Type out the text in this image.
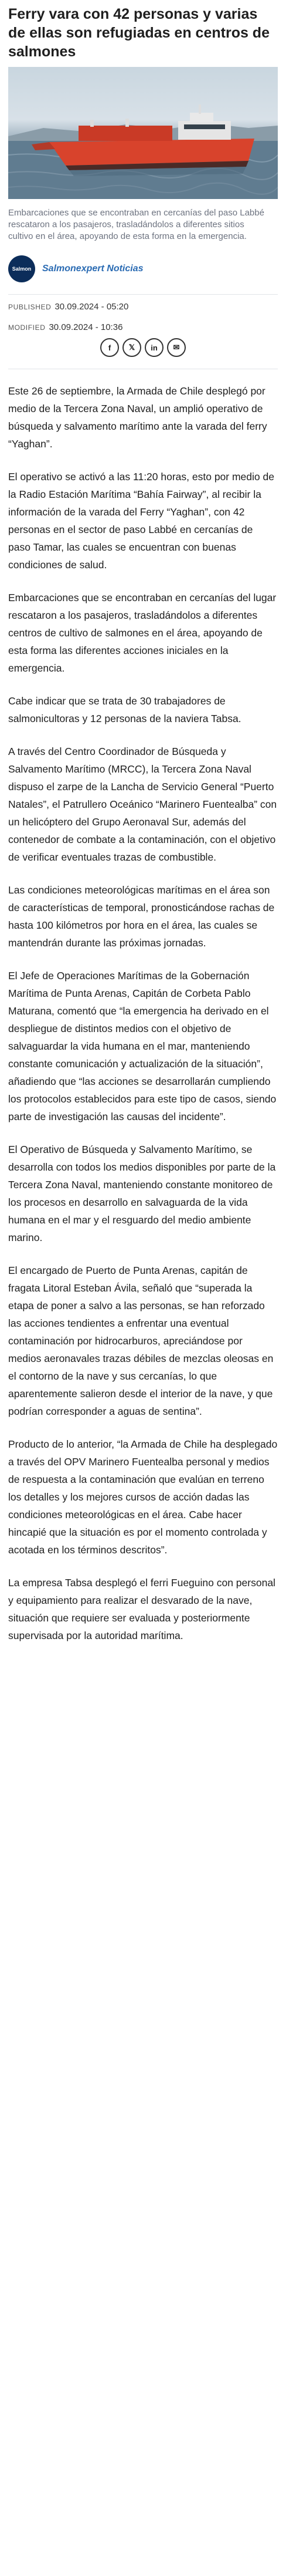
Ferry vara con 42 personas y varias de ellas son refugiadas en centros de salmones

Embarcaciones que se encontraban en cercanías del paso Labbé rescataron a los pasajeros, trasladándolos a diferentes sitios cultivo en el área, apoyando de esta forma en la emergencia.

Salmon	Salmonexpert Noticias
PUBLISHED 30.09.2024 - 05:20
MODIFIED 30.09.2024 - 10:36
f	𝕏	in	✉

Este 26 de septiembre, la Armada de Chile desplegó por medio de la Tercera Zona Naval, un amplió operativo de búsqueda y salvamento marítimo ante la varada del ferry “Yaghan”.

El operativo se activó a las 11:20 horas, esto por medio de la Radio Estación Marítima “Bahía Fairway”, al recibir la información de la varada del Ferry “Yaghan”, con 42 personas en el sector de paso Labbé en cercanías de paso Tamar, las cuales se encuentran con buenas condiciones de salud.

Embarcaciones que se encontraban en cercanías del lugar rescataron a los pasajeros, trasladándolos a diferentes centros de cultivo de salmones en el área, apoyando de esta forma las diferentes acciones iniciales en la emergencia.

Cabe indicar que se trata de 30 trabajadores de salmonicultoras y 12 personas de la naviera Tabsa.

A través del Centro Coordinador de Búsqueda y Salvamento Marítimo (MRCC), la Tercera Zona Naval dispuso el zarpe de la Lancha de Servicio General “Puerto Natales”, el Patrullero Oceánico “Marinero Fuentealba” con un helicóptero del Grupo Aeronaval Sur, además del contenedor de combate a la contaminación, con el objetivo de verificar eventuales trazas de combustible.

Las condiciones meteorológicas marítimas en el área son de características de temporal, pronosticándose rachas de hasta 100 kilómetros por hora en el área, las cuales se mantendrán durante las próximas jornadas.

El Jefe de Operaciones Marítimas de la Gobernación Marítima de Punta Arenas, Capitán de Corbeta Pablo Maturana, comentó que “la emergencia ha derivado en el despliegue de distintos medios con el objetivo de salvaguardar la vida humana en el mar, manteniendo constante comunicación y actualización de la situación”, añadiendo que “las acciones se desarrollarán cumpliendo los protocolos establecidos para este tipo de casos, siendo parte de investigación las causas del incidente”.

El Operativo de Búsqueda y Salvamento Marítimo, se desarrolla con todos los medios disponibles por parte de la Tercera Zona Naval, manteniendo constante monitoreo de los procesos en desarrollo en salvaguarda de la vida humana en el mar y el resguardo del medio ambiente marino.

El encargado de Puerto de Punta Arenas, capitán de fragata Litoral Esteban Ávila, señaló que “superada la etapa de poner a salvo a las personas, se han reforzado las acciones tendientes a enfrentar una eventual contaminación por hidrocarburos, apreciándose por medios aeronavales trazas débiles de mezclas oleosas en el contorno de la nave y sus cercanías, lo que aparentemente salieron desde el interior de la nave, y que podrían corresponder a aguas de sentina”.

Producto de lo anterior, “la Armada de Chile ha desplegado a través del OPV Marinero Fuentealba personal y medios de respuesta a la contaminación que evalúan en terreno los detalles y los mejores cursos de acción dadas las condiciones meteorológicas en el área. Cabe hacer hincapié que la situación es por el momento controlada y acotada en los términos descritos”.

La empresa Tabsa desplegó el ferri Fueguino con personal y equipamiento para realizar el desvarado de la nave, situación que requiere ser evaluada y posteriormente supervisada por la autoridad marítima.
